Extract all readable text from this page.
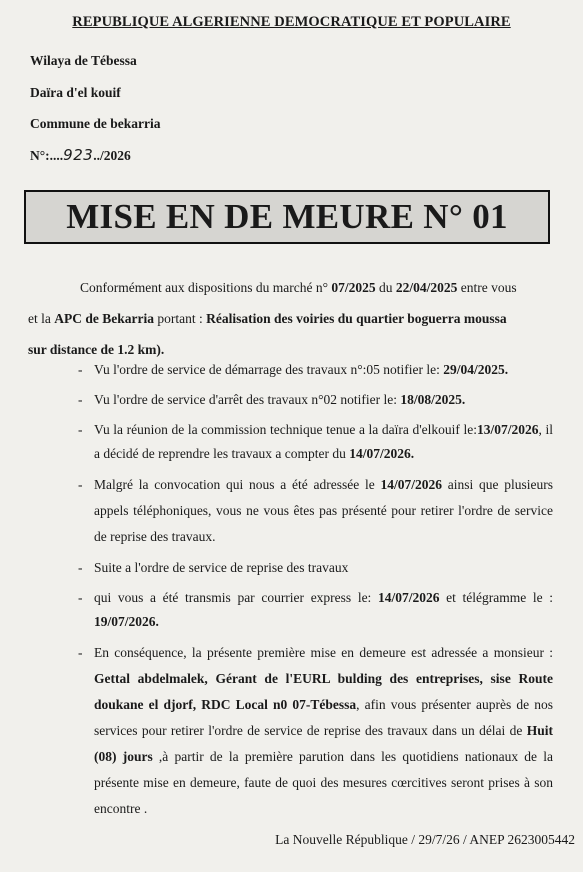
REPUBLIQUE ALGERIENNE DEMOCRATIQUE ET POPULAIRE
Wilaya de Tébessa
Daïra d'el kouif
Commune de bekarria
N°:....923../2026
MISE EN DE MEURE N° 01
Conformément aux dispositions du marché n° 07/2025 du 22/04/2025 entre vous
et la APC de Bekarria portant : Réalisation des voiries du quartier boguerra moussa
sur distance de 1.2 km).
- Vu l'ordre de service de démarrage des travaux n°:05 notifier le: 29/04/2025.
- Vu l'ordre de service d'arrêt des travaux n°02 notifier le: 18/08/2025.
- Vu la réunion de la commission technique tenue a la daïra d'elkouif le:13/07/2026, il a décidé de reprendre les travaux a compter du 14/07/2026.
- Malgré la convocation qui nous a été adressée le 14/07/2026 ainsi que plusieurs appels téléphoniques, vous ne vous êtes pas présenté pour retirer l'ordre de service de reprise des travaux.
- Suite a l'ordre de service de reprise des travaux
- qui vous a été transmis par courrier express le: 14/07/2026 et télégramme le : 19/07/2026.
- En conséquence, la présente première mise en demeure est adressée a monsieur : Gettal abdelmalek, Gérant de l'EURL bulding des entreprises, sise Route doukane el djorf, RDC Local n0 07-Tébessa, afin vous présenter auprès de nos services pour retirer l'ordre de service de reprise des travaux dans un délai de Huit (08) jours ,à partir de la première parution dans les quotidiens nationaux de la présente mise en demeure, faute de quoi des mesures cœrcitives seront prises à son encontre .
La Nouvelle République / 29/7/26 / ANEP 2623005442
